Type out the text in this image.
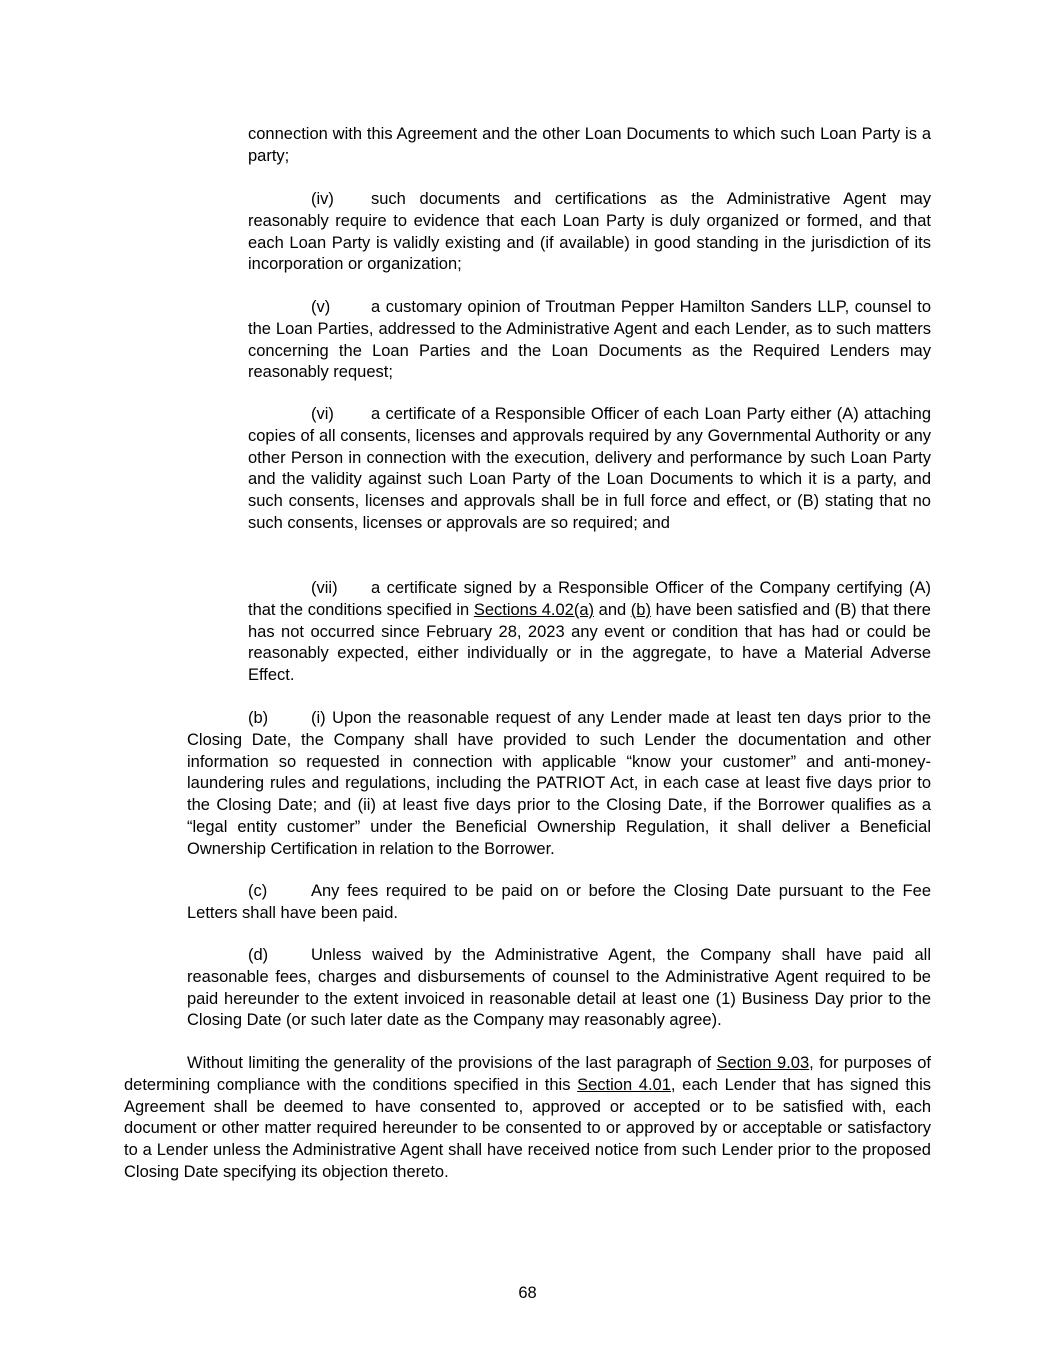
connection with this Agreement and the other Loan Documents to which such Loan Party is a party;

(iv) such documents and certifications as the Administrative Agent may reasonably require to evidence that each Loan Party is duly organized or formed, and that each Loan Party is validly existing and (if available) in good standing in the jurisdiction of its incorporation or organization;

(v) a customary opinion of Troutman Pepper Hamilton Sanders LLP, counsel to the Loan Parties, addressed to the Administrative Agent and each Lender, as to such matters concerning the Loan Parties and the Loan Documents as the Required Lenders may reasonably request;

(vi) a certificate of a Responsible Officer of each Loan Party either (A) attaching copies of all consents, licenses and approvals required by any Governmental Authority or any other Person in connection with the execution, delivery and performance by such Loan Party and the validity against such Loan Party of the Loan Documents to which it is a party, and such consents, licenses and approvals shall be in full force and effect, or (B) stating that no such consents, licenses or approvals are so required; and

(vii) a certificate signed by a Responsible Officer of the Company certifying (A) that the conditions specified in Sections 4.02(a) and (b) have been satisfied and (B) that there has not occurred since February 28, 2023 any event or condition that has had or could be reasonably expected, either individually or in the aggregate, to have a Material Adverse Effect.

(b)	(i) Upon the reasonable request of any Lender made at least ten days prior to the Closing Date, the Company shall have provided to such Lender the documentation and other information so requested in connection with applicable “know your customer” and anti-money-laundering rules and regulations, including the PATRIOT Act, in each case at least five days prior to the Closing Date; and (ii) at least five days prior to the Closing Date, if the Borrower qualifies as a “legal entity customer” under the Beneficial Ownership Regulation, it shall deliver a Beneficial Ownership Certification in relation to the Borrower.

(c)	Any fees required to be paid on or before the Closing Date pursuant to the Fee Letters shall have been paid.

(d)	Unless waived by the Administrative Agent, the Company shall have paid all reasonable fees, charges and disbursements of counsel to the Administrative Agent required to be paid hereunder to the extent invoiced in reasonable detail at least one (1) Business Day prior to the Closing Date (or such later date as the Company may reasonably agree).

Without limiting the generality of the provisions of the last paragraph of Section 9.03, for purposes of determining compliance with the conditions specified in this Section 4.01, each Lender that has signed this Agreement shall be deemed to have consented to, approved or accepted or to be satisfied with, each document or other matter required hereunder to be consented to or approved by or acceptable or satisfactory to a Lender unless the Administrative Agent shall have received notice from such Lender prior to the proposed Closing Date specifying its objection thereto.

68
